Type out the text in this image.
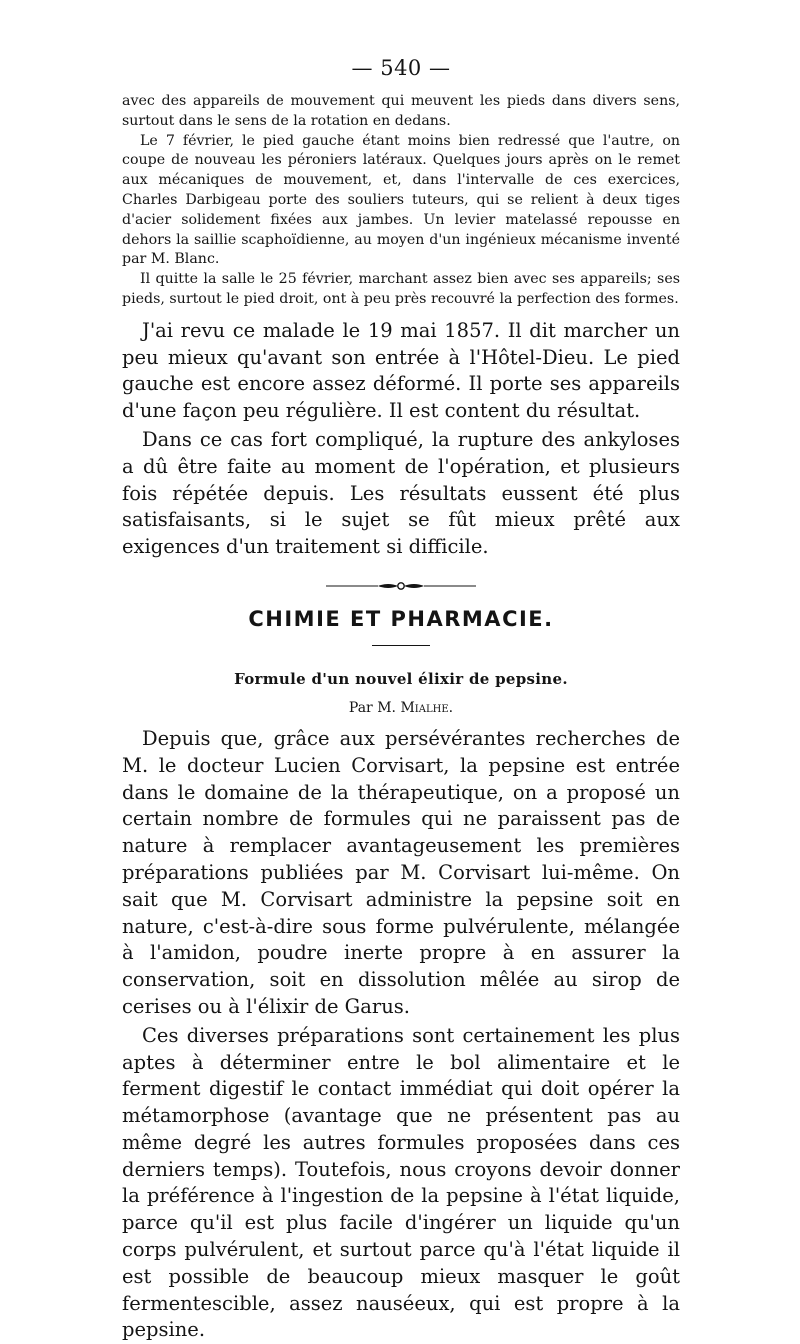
— 540 —

avec des appareils de mouvement qui meuvent les pieds dans divers sens, surtout dans le sens de la rotation en dedans.

Le 7 février, le pied gauche étant moins bien redressé que l'autre, on coupe de nouveau les péroniers latéraux. Quelques jours après on le remet aux mécaniques de mouvement, et, dans l'intervalle de ces exercices, Charles Darbigeau porte des souliers tuteurs, qui se relient à deux tiges d'acier solidement fixées aux jambes. Un levier matelassé repousse en dehors la saillie scaphoïdienne, au moyen d'un ingénieux mécanisme inventé par M. Blanc.

Il quitte la salle le 25 février, marchant assez bien avec ses appareils; ses pieds, surtout le pied droit, ont à peu près recouvré la perfection des formes.

J'ai revu ce malade le 19 mai 1857. Il dit marcher un peu mieux qu'avant son entrée à l'Hôtel-Dieu. Le pied gauche est encore assez déformé. Il porte ses appareils d'une façon peu régulière. Il est content du résultat.

Dans ce cas fort compliqué, la rupture des ankyloses a dû être faite au moment de l'opération, et plusieurs fois répétée depuis. Les résultats eussent été plus satisfaisants, si le sujet se fût mieux prêté aux exigences d'un traitement si difficile.

CHIMIE ET PHARMACIE.
Formule d'un nouvel élixir de pepsine.
Par M. Mialhe.

Depuis que, grâce aux persévérantes recherches de M. le docteur Lucien Corvisart, la pepsine est entrée dans le domaine de la thérapeutique, on a proposé un certain nombre de formules qui ne paraissent pas de nature à remplacer avantageusement les premières préparations publiées par M. Corvisart lui-même. On sait que M. Corvisart administre la pepsine soit en nature, c'est-à-dire sous forme pulvérulente, mélangée à l'amidon, poudre inerte propre à en assurer la conservation, soit en dissolution mêlée au sirop de cerises ou à l'élixir de Garus.

Ces diverses préparations sont certainement les plus aptes à déterminer entre le bol alimentaire et le ferment digestif le contact immédiat qui doit opérer la métamorphose (avantage que ne présentent pas au même degré les autres formules proposées dans ces derniers temps). Toutefois, nous croyons devoir donner la préférence à l'ingestion de la pepsine à l'état liquide, parce qu'il est plus facile d'ingérer un liquide qu'un corps pulvérulent, et surtout parce qu'à l'état liquide il est possible de beaucoup mieux masquer le goût fermentescible, assez nauséeux, qui est propre à la pepsine.
